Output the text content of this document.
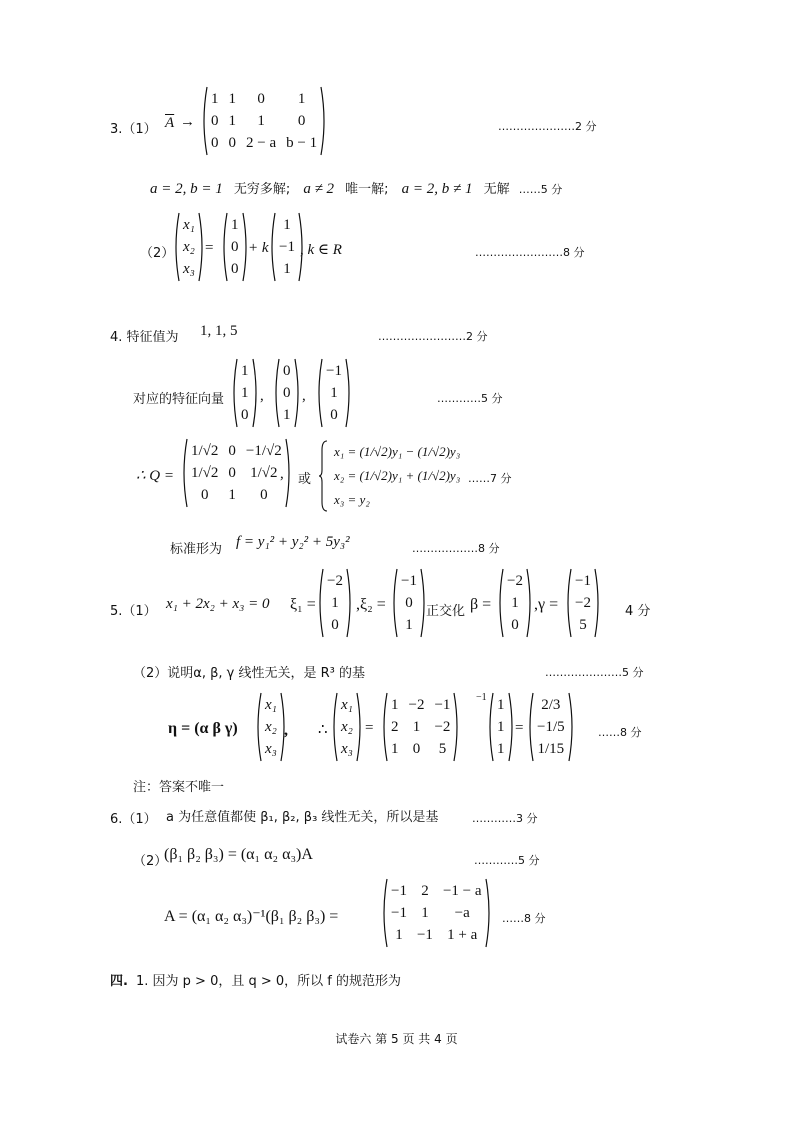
3.（1） $\overline{A}$ →
1	1	0	1
0	1	1	0
0	0	2 − a	b − 1
…………………2 分
a = 2, b = 1 无穷多解; a ≠ 2 唯一解; a = 2, b ≠ 1 无解 ……5 分
（2）
x₁
x₂
x₃
=
1
0
0
+ k
1
−1
1
, k ∈ R	……………………8 分
4. 特征值为 1, 1, 5	……………………2 分
对应的特征向量
1
1
0
,
0
0
1
,
−1
1
0
…………5 分
∴ Q =
1/√2	0	−1/√2
1/√2	0	1/√2
0	1	0
, 或
x₁ = (1/√2)y₁ − (1/√2)y₃
x₂ = (1/√2)y₁ + (1/√2)y₃
x₃ = y₂
……7 分
标准形为 f = y₁² + y₂² + 5y₃²	………………8 分
5.（1） x₁ + 2x₂ + x₃ = 0 ξ₁ =
−2
1
0
,ξ₂ =
−1
0
1
正交化 β =
−2
1
0
,γ =
−1
−2
5
4 分
（2）说明α, β, γ 线性无关，是 R³ 的基	…………………5 分
η = (α β γ)
x₁
x₂
x₃
, ∴
x₁
x₂
x₃
=
1	−2	−1
2	1	−2
1	0	5
−1 1
1
1
=
2/3
−1/5
1/15
……8 分
注：答案不唯一
6.（1） a 为任意值都使 β₁, β₂, β₃ 线性无关，所以是基	…………3 分
（2）
(β₁ β₂ β₃) = (α₁ α₂ α₃)A	…………5 分
A = (α₁ α₂ α₃)⁻¹(β₁ β₂ β₃) =
−1	2	−1 − a
−1	1	−a
1	−1	1 + a
……8 分
四. 1. 因为 p > 0，且 q > 0，所以 f 的规范形为
试卷六 第 5 页 共 4 页
